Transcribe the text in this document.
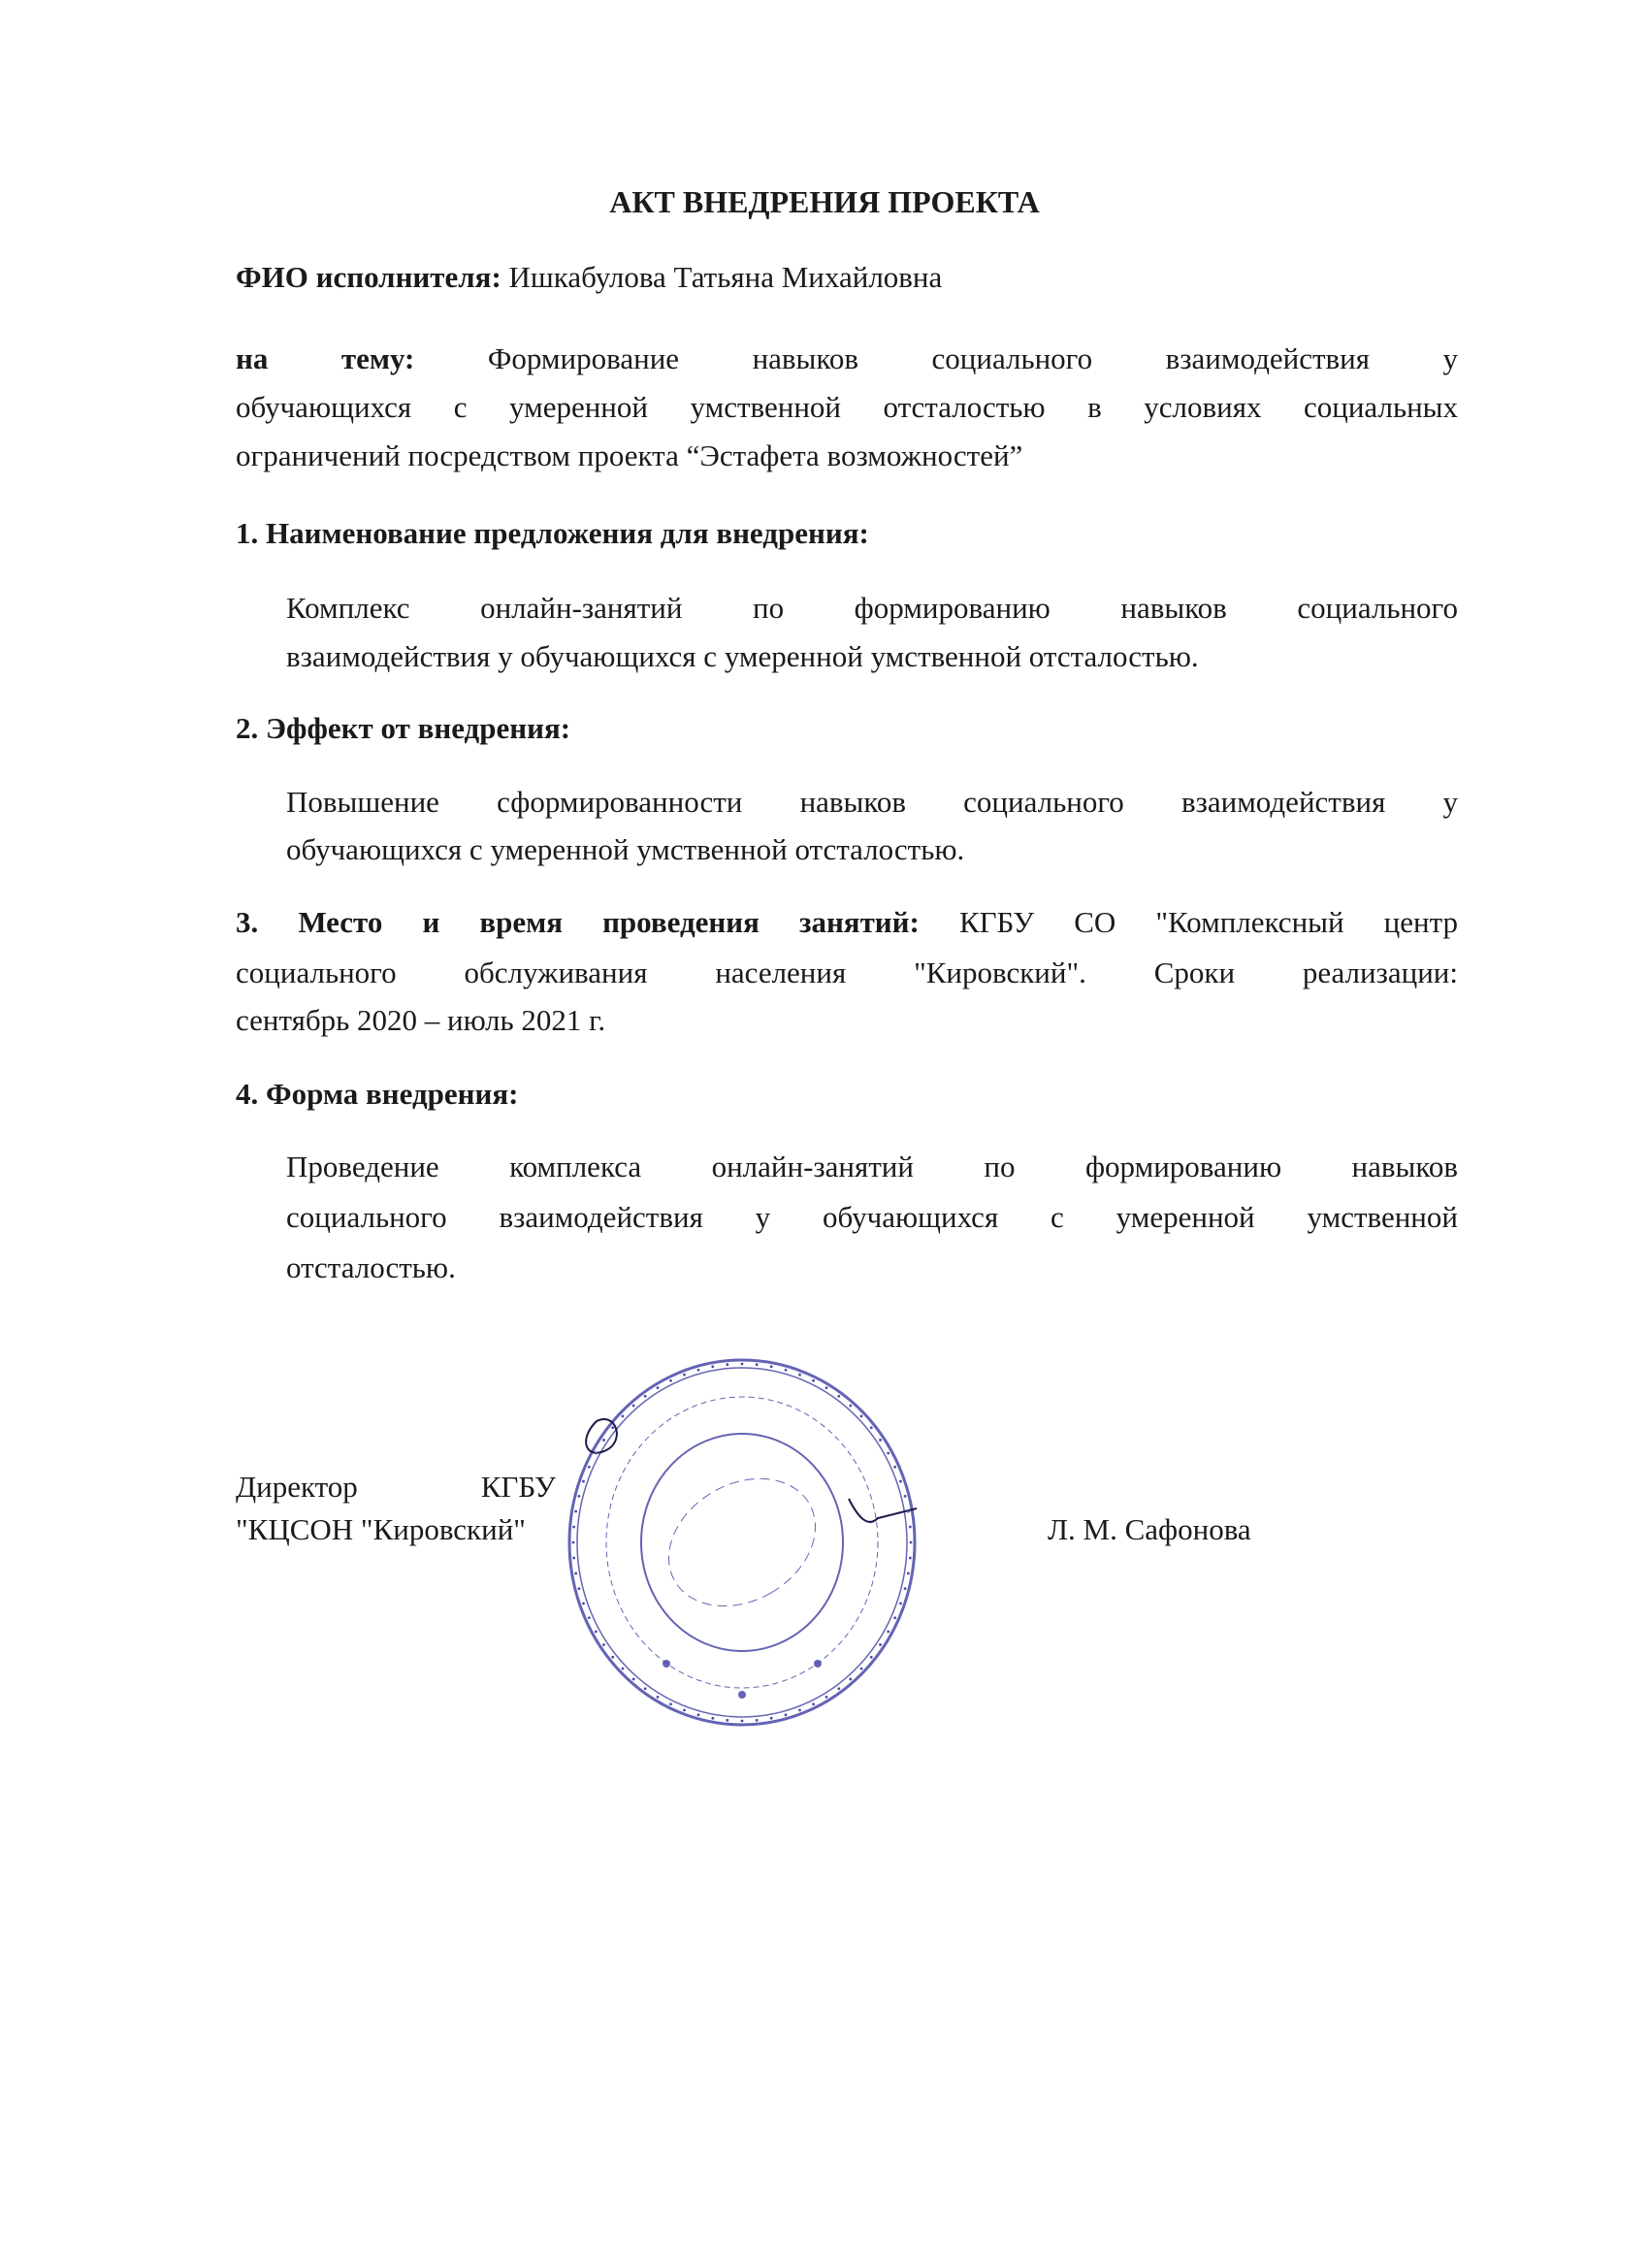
АКТ ВНЕДРЕНИЯ ПРОЕКТА
ФИО исполнителя: Ишкабулова Татьяна Михайловна
на тему: Формирование навыков социального взаимодействия у
обучающихся с умеренной умственной отсталостью в условиях социальных
ограничений посредством проекта “Эстафета возможностей”
1. Наименование предложения для внедрения:
Комплекс онлайн-занятий по формированию навыков социального
взаимодействия у обучающихся с умеренной умственной отсталостью.
2. Эффект от внедрения:
Повышение сформированности навыков социального взаимодействия у
обучающихся с умеренной умственной отсталостью.
3. Место и время проведения занятий: КГБУ СО "Комплексный центр
социального обслуживания населения "Кировский". Сроки реализации:
сентябрь 2020 – июль 2021 г.
4. Форма внедрения:
Проведение комплекса онлайн-занятий по формированию навыков
социального взаимодействия у обучающихся с умеренной умственной
отсталостью.
Директор	КГБУ
"КЦСОН "Кировский"	Л. М. Сафонова
